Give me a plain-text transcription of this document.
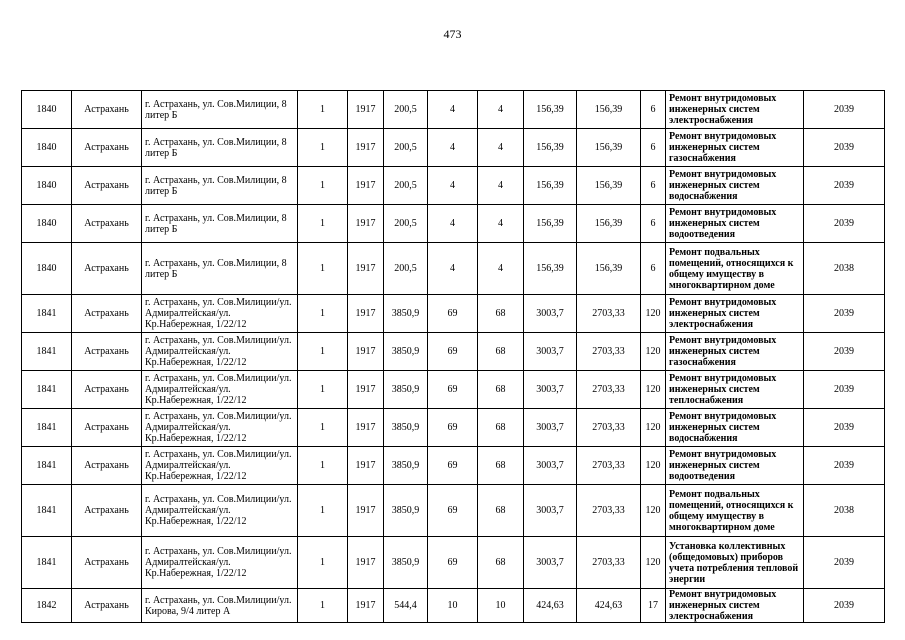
473
1840	Астрахань	г. Астрахань, ул. Сов.Милиции, 8 литер Б	1	1917	200,5	4	4	156,39	156,39	6	Ремонт внутридомовых инженерных систем электроснабжения	2039
1840	Астрахань	г. Астрахань, ул. Сов.Милиции, 8 литер Б	1	1917	200,5	4	4	156,39	156,39	6	Ремонт внутридомовых инженерных систем газоснабжения	2039
1840	Астрахань	г. Астрахань, ул. Сов.Милиции, 8 литер Б	1	1917	200,5	4	4	156,39	156,39	6	Ремонт внутридомовых инженерных систем водоснабжения	2039
1840	Астрахань	г. Астрахань, ул. Сов.Милиции, 8 литер Б	1	1917	200,5	4	4	156,39	156,39	6	Ремонт внутридомовых инженерных систем водоотведения	2039
1840	Астрахань	г. Астрахань, ул. Сов.Милиции, 8 литер Б	1	1917	200,5	4	4	156,39	156,39	6	Ремонт подвальных помещений, относящихся к общему имуществу в многоквартирном доме	2038
1841	Астрахань	г. Астрахань, ул. Сов.Милиции/ул. Адмиралтейская/ул. Кр.Набережная, 1/22/12	1	1917	3850,9	69	68	3003,7	2703,33	120	Ремонт внутридомовых инженерных систем электроснабжения	2039
1841	Астрахань	г. Астрахань, ул. Сов.Милиции/ул. Адмиралтейская/ул. Кр.Набережная, 1/22/12	1	1917	3850,9	69	68	3003,7	2703,33	120	Ремонт внутридомовых инженерных систем газоснабжения	2039
1841	Астрахань	г. Астрахань, ул. Сов.Милиции/ул. Адмиралтейская/ул. Кр.Набережная, 1/22/12	1	1917	3850,9	69	68	3003,7	2703,33	120	Ремонт внутридомовых инженерных систем теплоснабжения	2039
1841	Астрахань	г. Астрахань, ул. Сов.Милиции/ул. Адмиралтейская/ул. Кр.Набережная, 1/22/12	1	1917	3850,9	69	68	3003,7	2703,33	120	Ремонт внутридомовых инженерных систем водоснабжения	2039
1841	Астрахань	г. Астрахань, ул. Сов.Милиции/ул. Адмиралтейская/ул. Кр.Набережная, 1/22/12	1	1917	3850,9	69	68	3003,7	2703,33	120	Ремонт внутридомовых инженерных систем водоотведения	2039
1841	Астрахань	г. Астрахань, ул. Сов.Милиции/ул. Адмиралтейская/ул. Кр.Набережная, 1/22/12	1	1917	3850,9	69	68	3003,7	2703,33	120	Ремонт подвальных помещений, относящихся к общему имуществу в многоквартирном доме	2038
1841	Астрахань	г. Астрахань, ул. Сов.Милиции/ул. Адмиралтейская/ул. Кр.Набережная, 1/22/12	1	1917	3850,9	69	68	3003,7	2703,33	120	Установка коллективных (общедомовых) приборов учета потребления тепловой энергии	2039
1842	Астрахань	г. Астрахань, ул. Сов.Милиции/ул. Кирова, 9/4 литер А	1	1917	544,4	10	10	424,63	424,63	17	Ремонт внутридомовых инженерных систем электроснабжения	2039
